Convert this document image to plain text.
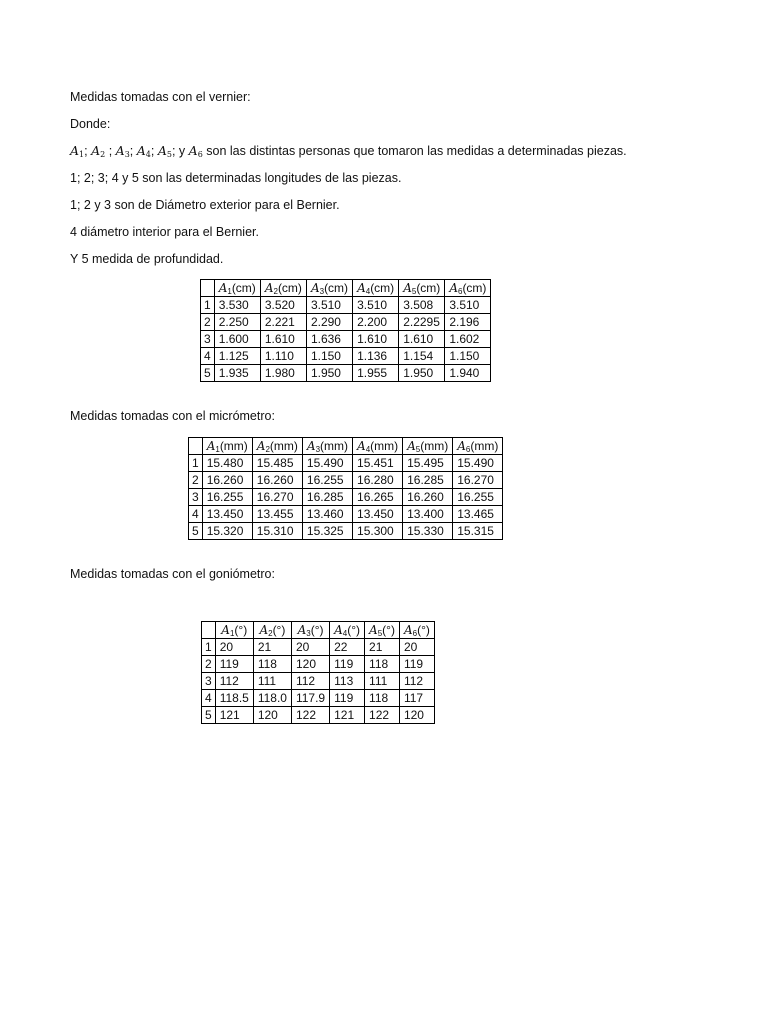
Medidas tomadas con el vernier:
Donde:
$A_1$; $A_2$ ; $A_3$; $A_4$; $A_5$; y $A_6$ son las distintas personas que tomaron las medidas a determinadas piezas.
1; 2; 3; 4 y 5 son las determinadas longitudes de las piezas.
1; 2 y 3 son de Diámetro exterior para el Bernier.
4 diámetro interior para el Bernier.
Y 5 medida de profundidad.
	$A_1(cm)$	$A_2(cm)$	$A_3(cm)$	$A_4(cm)$	$A_5(cm)$	$A_6(cm)$
1	3.530	3.520	3.510	3.510	3.508	3.510
2	2.250	2.221	2.290	2.200	2.2295	2.196
3	1.600	1.610	1.636	1.610	1.610	1.602
4	1.125	1.110	1.150	1.136	1.154	1.150
5	1.935	1.980	1.950	1.955	1.950	1.940
Medidas tomadas con el micrómetro:
	$A_1(mm)$	$A_2(mm)$	$A_3(mm)$	$A_4(mm)$	$A_5(mm)$	$A_6(mm)$
1	15.480	15.485	15.490	15.451	15.495	15.490
2	16.260	16.260	16.255	16.280	16.285	16.270
3	16.255	16.270	16.285	16.265	16.260	16.255
4	13.450	13.455	13.460	13.450	13.400	13.465
5	15.320	15.310	15.325	15.300	15.330	15.315
Medidas tomadas con el goniómetro:
	$A_1(^\circ)$	$A_2(^\circ)$	$A_3(^\circ)$	$A_4(^\circ)$	$A_5(^\circ)$	$A_6(^\circ)$
1	20	21	20	22	21	20
2	119	118	120	119	118	119
3	112	111	112	113	111	112
4	118.5	118.0	117.9	119	118	117
5	121	120	122	121	122	120
